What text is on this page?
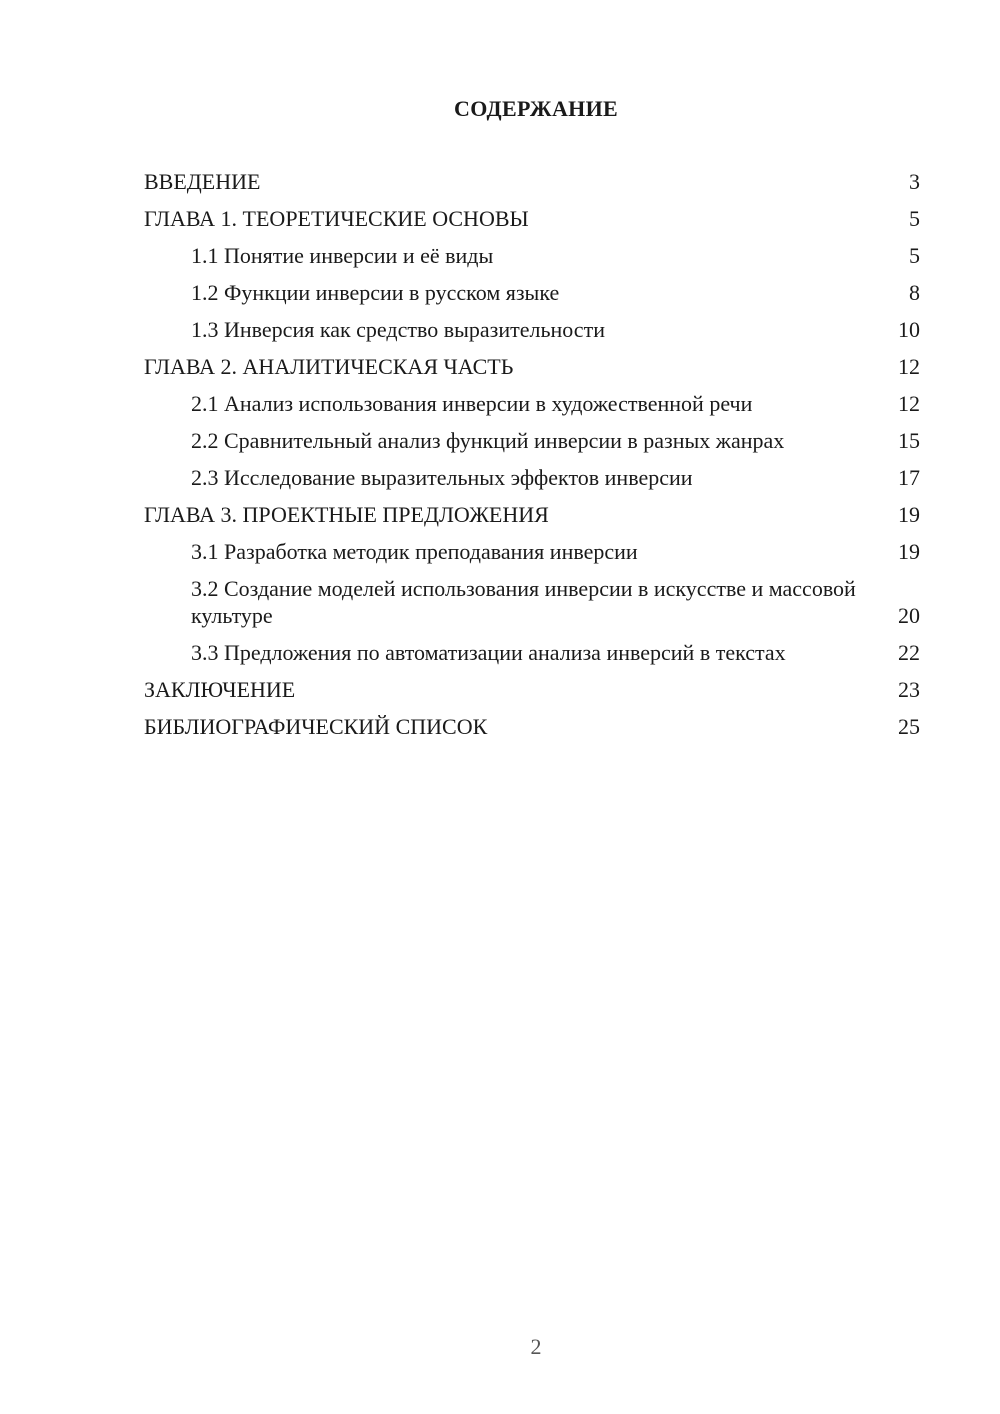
СОДЕРЖАНИЕ
ВВЕДЕНИЕ	3
ГЛАВА 1. ТЕОРЕТИЧЕСКИЕ ОСНОВЫ	5
1.1 Понятие инверсии и её виды	5
1.2 Функции инверсии в русском языке	8
1.3 Инверсия как средство выразительности	10
ГЛАВА 2. АНАЛИТИЧЕСКАЯ ЧАСТЬ	12
2.1 Анализ использования инверсии в художественной речи	12
2.2 Сравнительный анализ функций инверсии в разных жанрах	15
2.3 Исследование выразительных эффектов инверсии	17
ГЛАВА 3. ПРОЕКТНЫЕ ПРЕДЛОЖЕНИЯ	19
3.1 Разработка методик преподавания инверсии	19
3.2 Создание моделей использования инверсии в искусстве и массовой культуре	20
3.3 Предложения по автоматизации анализа инверсий в текстах	22
ЗАКЛЮЧЕНИЕ	23
БИБЛИОГРАФИЧЕСКИЙ СПИСОК	25
2
